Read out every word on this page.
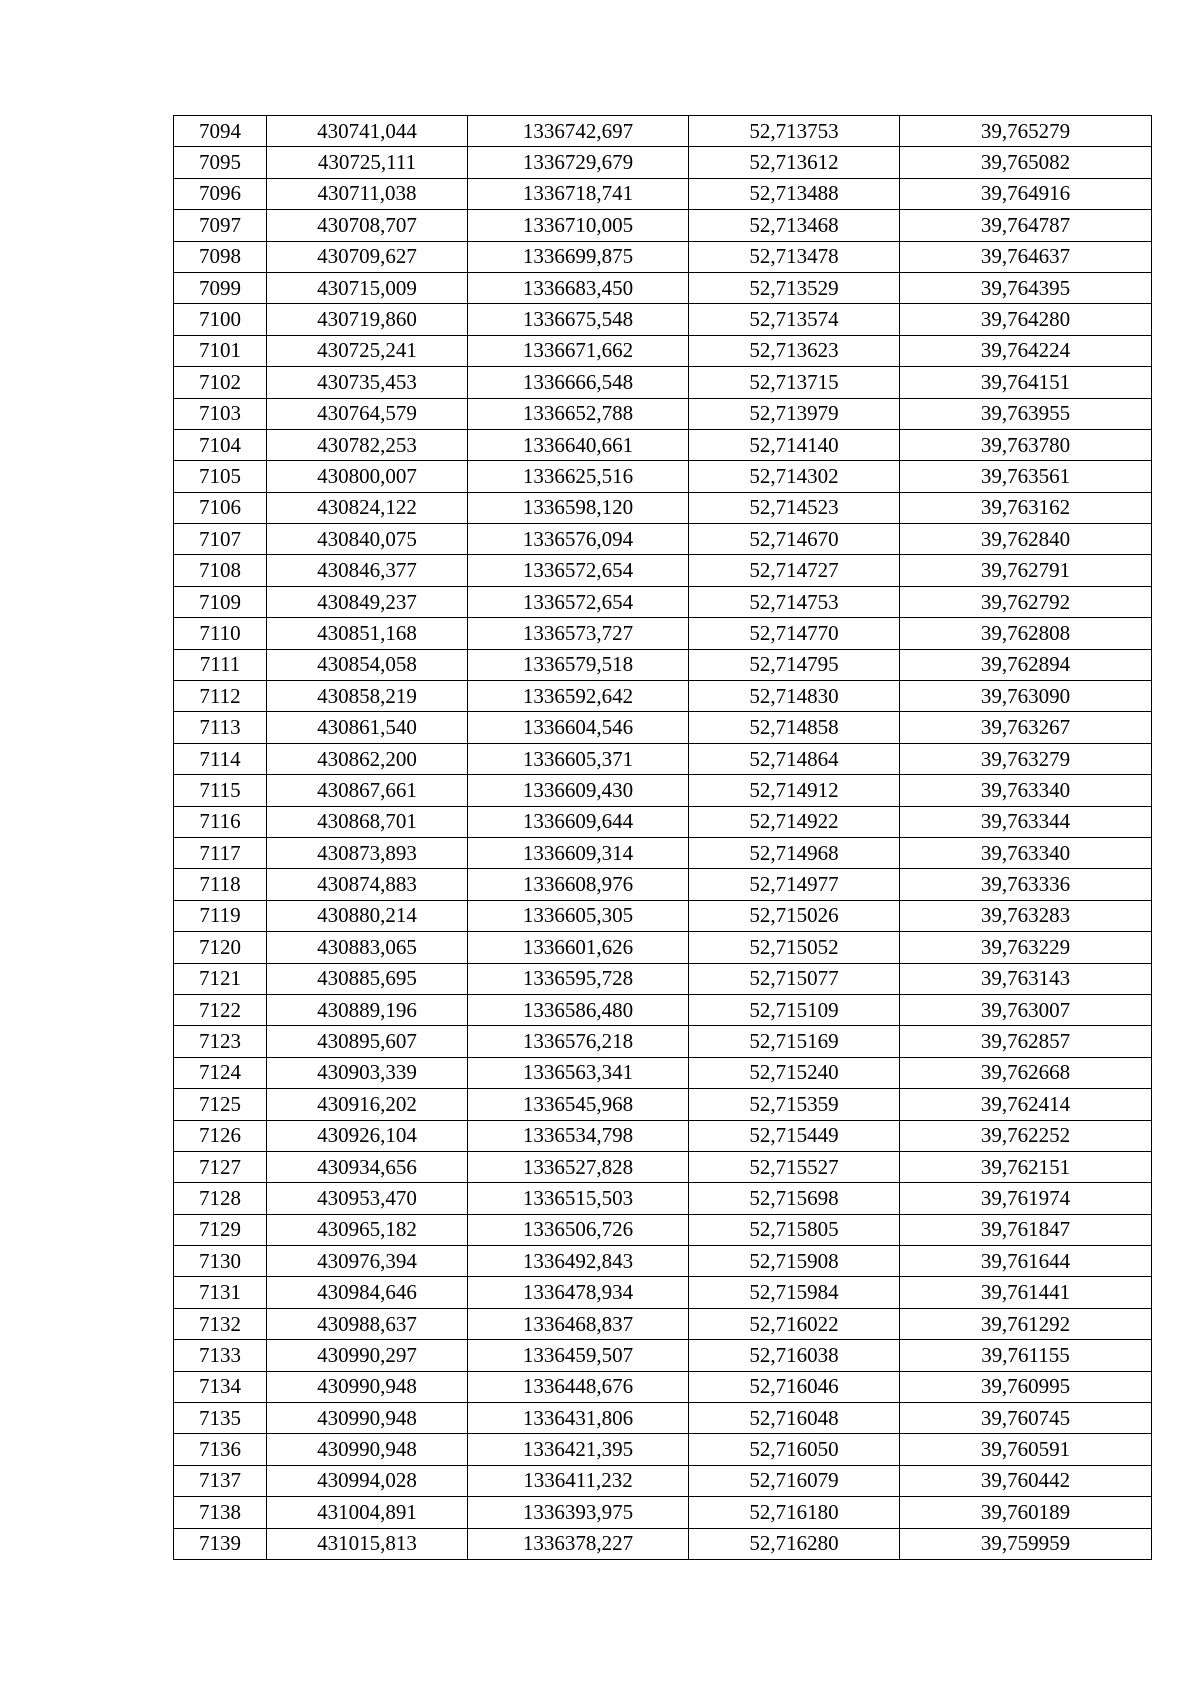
7094	430741,044	1336742,697	52,713753	39,765279
7095	430725,111	1336729,679	52,713612	39,765082
7096	430711,038	1336718,741	52,713488	39,764916
7097	430708,707	1336710,005	52,713468	39,764787
7098	430709,627	1336699,875	52,713478	39,764637
7099	430715,009	1336683,450	52,713529	39,764395
7100	430719,860	1336675,548	52,713574	39,764280
7101	430725,241	1336671,662	52,713623	39,764224
7102	430735,453	1336666,548	52,713715	39,764151
7103	430764,579	1336652,788	52,713979	39,763955
7104	430782,253	1336640,661	52,714140	39,763780
7105	430800,007	1336625,516	52,714302	39,763561
7106	430824,122	1336598,120	52,714523	39,763162
7107	430840,075	1336576,094	52,714670	39,762840
7108	430846,377	1336572,654	52,714727	39,762791
7109	430849,237	1336572,654	52,714753	39,762792
7110	430851,168	1336573,727	52,714770	39,762808
7111	430854,058	1336579,518	52,714795	39,762894
7112	430858,219	1336592,642	52,714830	39,763090
7113	430861,540	1336604,546	52,714858	39,763267
7114	430862,200	1336605,371	52,714864	39,763279
7115	430867,661	1336609,430	52,714912	39,763340
7116	430868,701	1336609,644	52,714922	39,763344
7117	430873,893	1336609,314	52,714968	39,763340
7118	430874,883	1336608,976	52,714977	39,763336
7119	430880,214	1336605,305	52,715026	39,763283
7120	430883,065	1336601,626	52,715052	39,763229
7121	430885,695	1336595,728	52,715077	39,763143
7122	430889,196	1336586,480	52,715109	39,763007
7123	430895,607	1336576,218	52,715169	39,762857
7124	430903,339	1336563,341	52,715240	39,762668
7125	430916,202	1336545,968	52,715359	39,762414
7126	430926,104	1336534,798	52,715449	39,762252
7127	430934,656	1336527,828	52,715527	39,762151
7128	430953,470	1336515,503	52,715698	39,761974
7129	430965,182	1336506,726	52,715805	39,761847
7130	430976,394	1336492,843	52,715908	39,761644
7131	430984,646	1336478,934	52,715984	39,761441
7132	430988,637	1336468,837	52,716022	39,761292
7133	430990,297	1336459,507	52,716038	39,761155
7134	430990,948	1336448,676	52,716046	39,760995
7135	430990,948	1336431,806	52,716048	39,760745
7136	430990,948	1336421,395	52,716050	39,760591
7137	430994,028	1336411,232	52,716079	39,760442
7138	431004,891	1336393,975	52,716180	39,760189
7139	431015,813	1336378,227	52,716280	39,759959
